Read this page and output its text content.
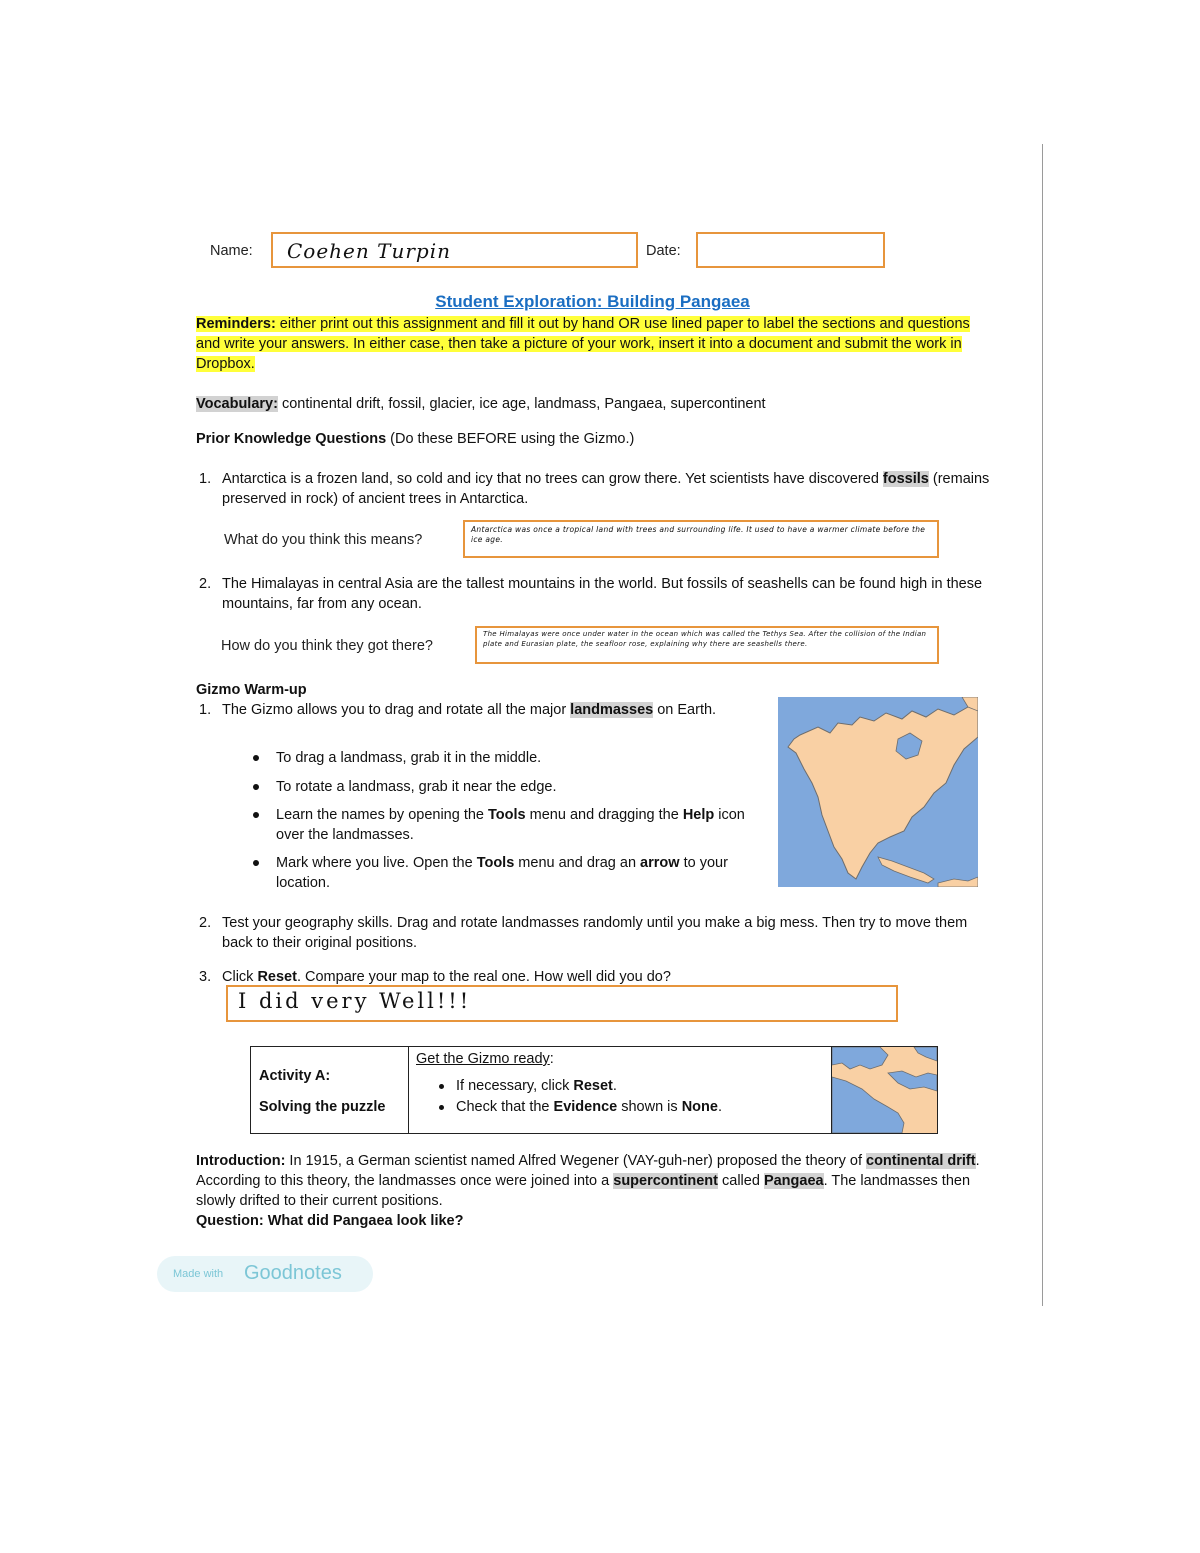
Name: Coehen Turpin	Date:
Student Exploration: Building Pangaea
Reminders: either print out this assignment and fill it out by hand OR use lined paper to label the sections and questions and write your answers. In either case, then take a picture of your work, insert it into a document and submit the work in Dropbox.
Vocabulary: continental drift, fossil, glacier, ice age, landmass, Pangaea, supercontinent
Prior Knowledge Questions (Do these BEFORE using the Gizmo.)
1. Antarctica is a frozen land, so cold and icy that no trees can grow there. Yet scientists have discovered fossils (remains preserved in rock) of ancient trees in Antarctica.
What do you think this means?
Antarctica was once a tropical land with trees and surrounding life. It used to have a warmer climate before the ice age.
2. The Himalayas in central Asia are the tallest mountains in the world. But fossils of seashells can be found high in these mountains, far from any ocean.
How do you think they got there?
The Himalayas were once under water in the ocean which was called the Tethys Sea. After the collision of the Indian plate and Eurasian plate, the seafloor rose, explaining why there are seashells there.
Gizmo Warm-up
1. The Gizmo allows you to drag and rotate all the major landmasses on Earth.
To drag a landmass, grab it in the middle.
To rotate a landmass, grab it near the edge.
Learn the names by opening the Tools menu and dragging the Help icon over the landmasses.
Mark where you live. Open the Tools menu and drag an arrow to your location.
2. Test your geography skills. Drag and rotate landmasses randomly until you make a big mess. Then try to move them back to their original positions.
3. Click Reset. Compare your map to the real one. How well did you do?
I did very Well!!!
Activity A:
Solving the puzzle

Get the Gizmo ready:
If necessary, click Reset.
Check that the Evidence shown is None.

Introduction: In 1915, a German scientist named Alfred Wegener (VAY-guh-ner) proposed the theory of continental drift. According to this theory, the landmasses once were joined into a supercontinent called Pangaea. The landmasses then slowly drifted to their current positions.
Question: What did Pangaea look like?
Made with Goodnotes
